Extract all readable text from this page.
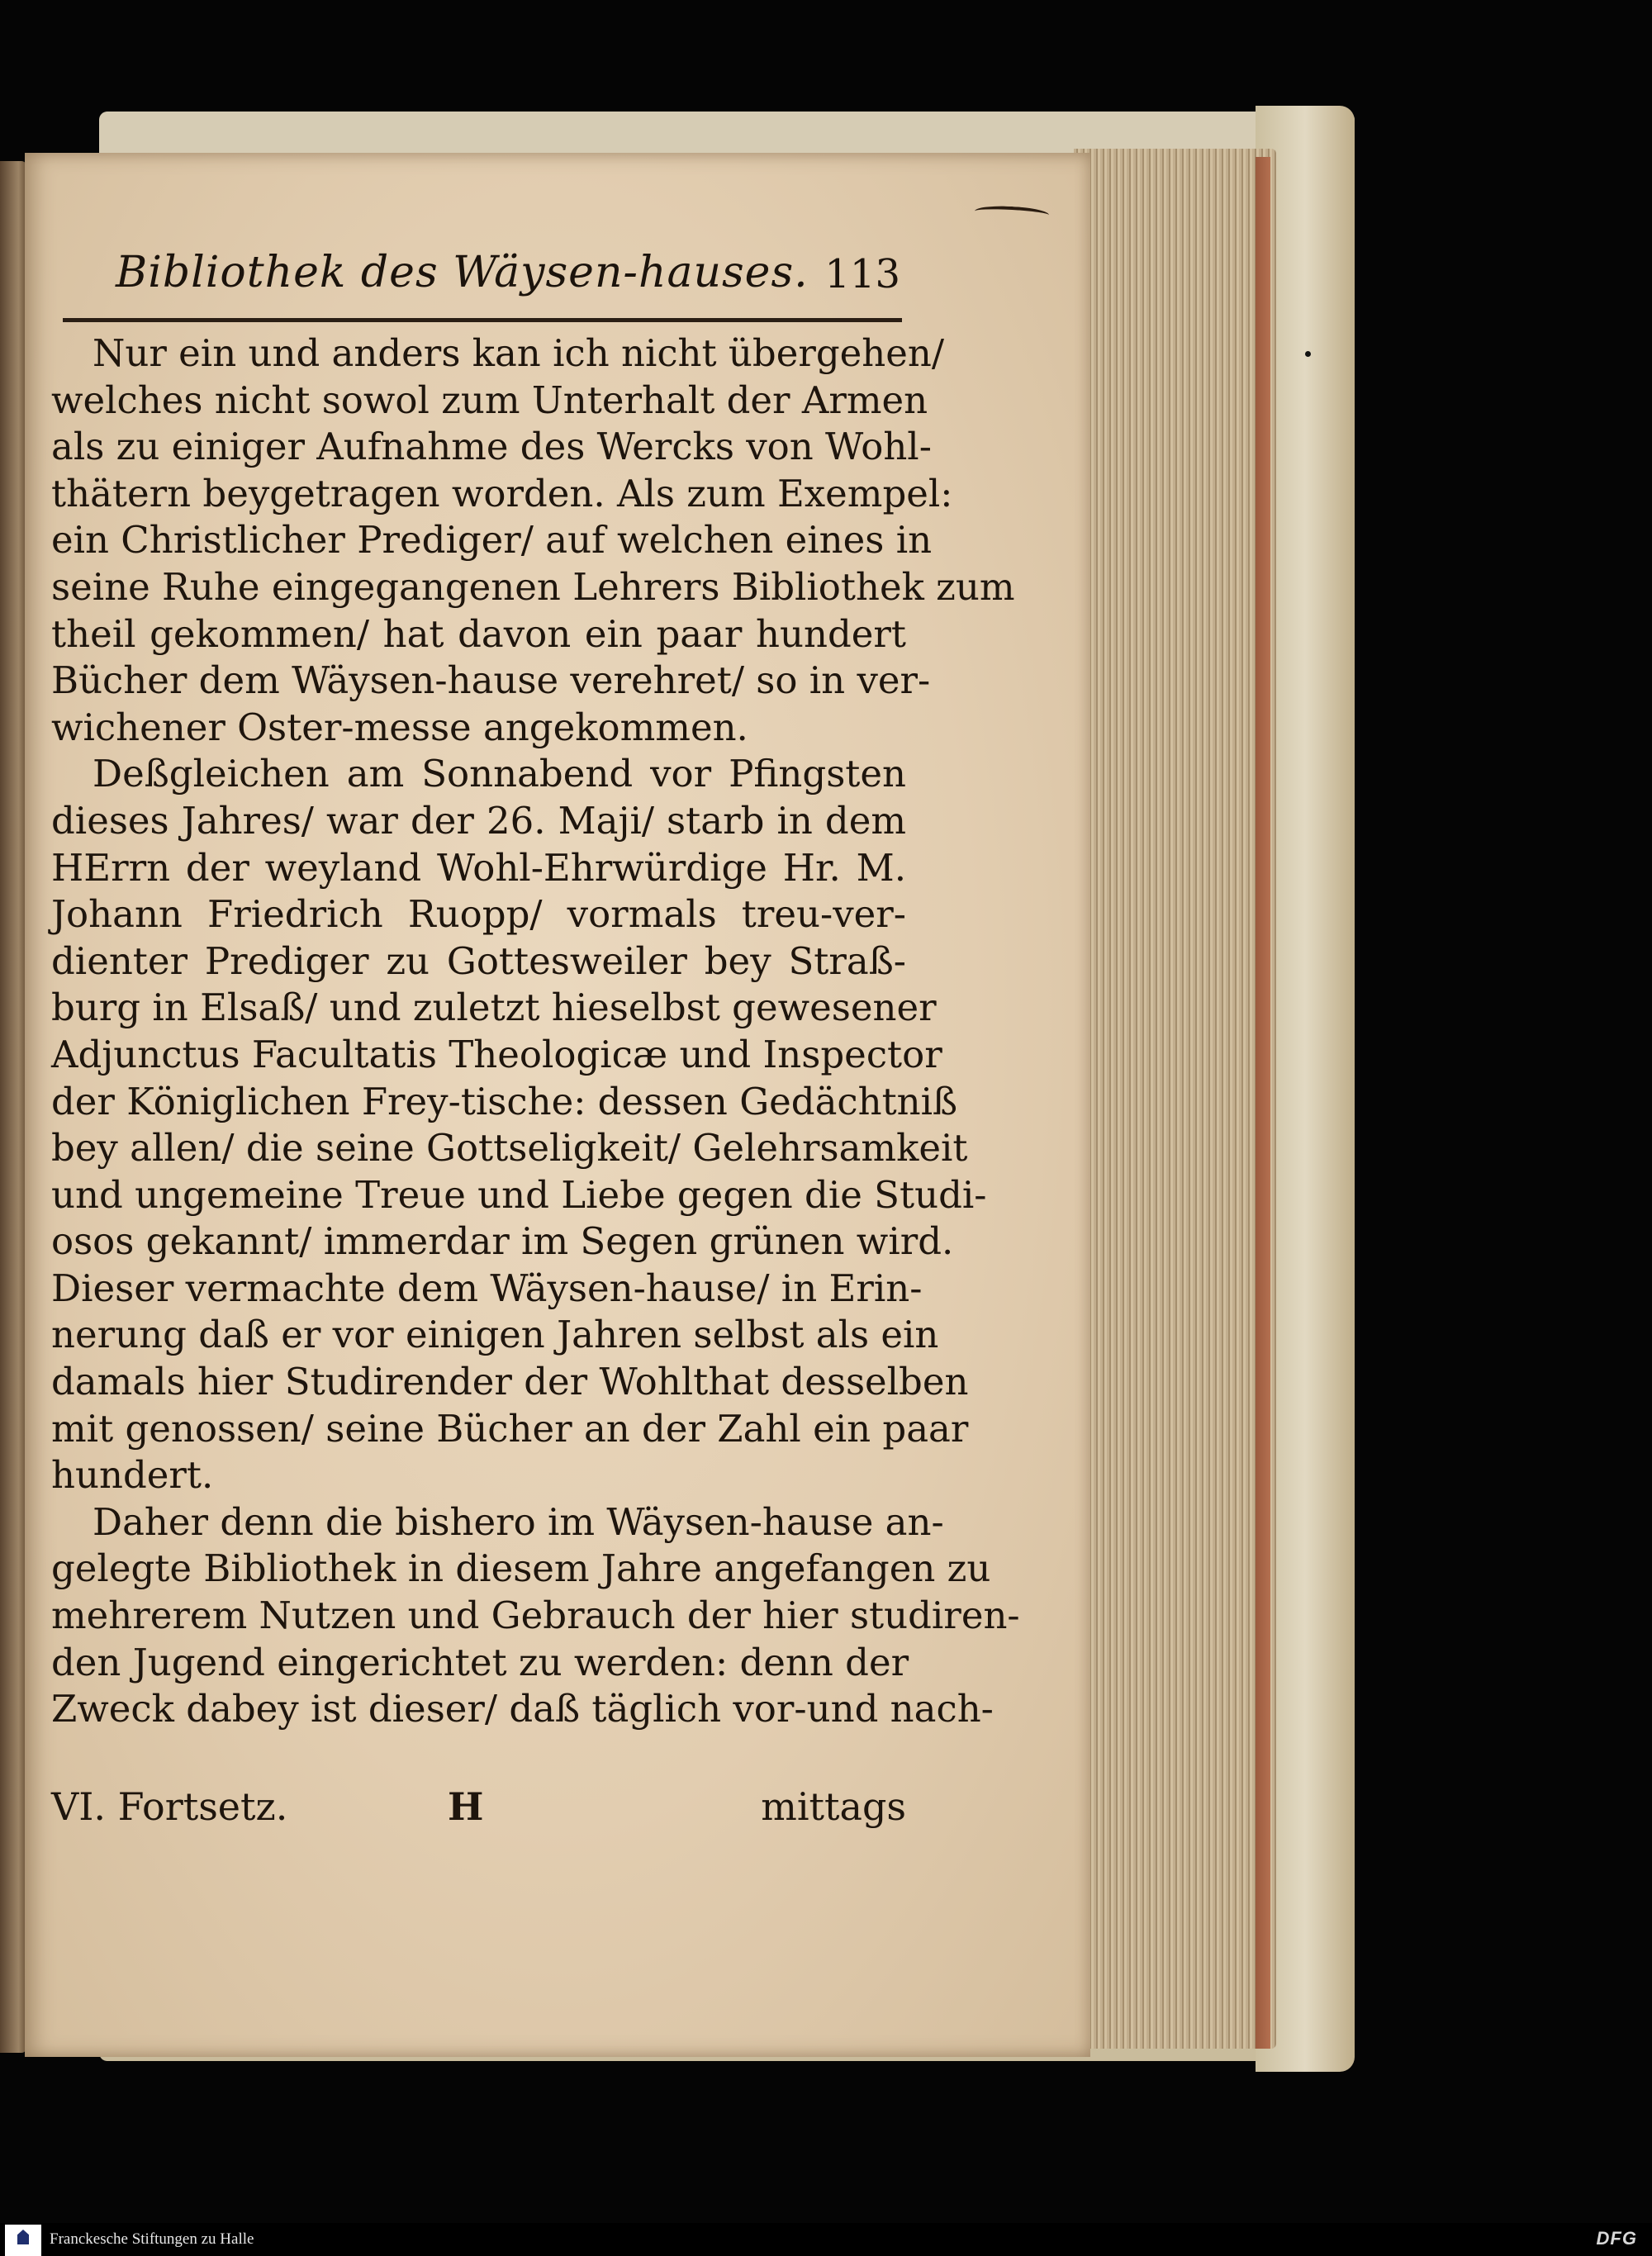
Bibliothek des Wäysen-hauses. 113
Nur ein und anders kan ich nicht übergehen/
welches nicht sowol zum Unterhalt der Armen
als zu einiger Aufnahme des Wercks von Wohl-
thätern beygetragen worden. Als zum Exempel:
ein Christlicher Prediger/ auf welchen eines in
seine Ruhe eingegangenen Lehrers Bibliothek zum
theil gekommen/ hat davon ein paar hundert
Bücher dem Wäysen-hause verehret/ so in ver-
wichener Oster-messe angekommen.
Deßgleichen am Sonnabend vor Pfingsten
dieses Jahres/ war der 26. Maji/ starb in dem
HErrn der weyland Wohl-Ehrwürdige Hr. M.
Johann Friedrich Ruopp/ vormals treu-ver-
dienter Prediger zu Gottesweiler bey Straß-
burg in Elsaß/ und zuletzt hieselbst gewesener
Adjunctus Facultatis Theologicæ und Inspector
der Königlichen Frey-tische: dessen Gedächtniß
bey allen/ die seine Gottseligkeit/ Gelehrsamkeit
und ungemeine Treue und Liebe gegen die Studi-
osos gekannt/ immerdar im Segen grünen wird.
Dieser vermachte dem Wäysen-hause/ in Erin-
nerung daß er vor einigen Jahren selbst als ein
damals hier Studirender der Wohlthat desselben
mit genossen/ seine Bücher an der Zahl ein paar
hundert.
Daher denn die bishero im Wäysen-hause an-
gelegte Bibliothek in diesem Jahre angefangen zu
mehrerem Nutzen und Gebrauch der hier studiren-
den Jugend eingerichtet zu werden: denn der
Zweck dabey ist dieser/ daß täglich vor-und nach-
VI. Fortsetz.	H	mittags
Franckesche Stiftungen zu Halle	DFG
